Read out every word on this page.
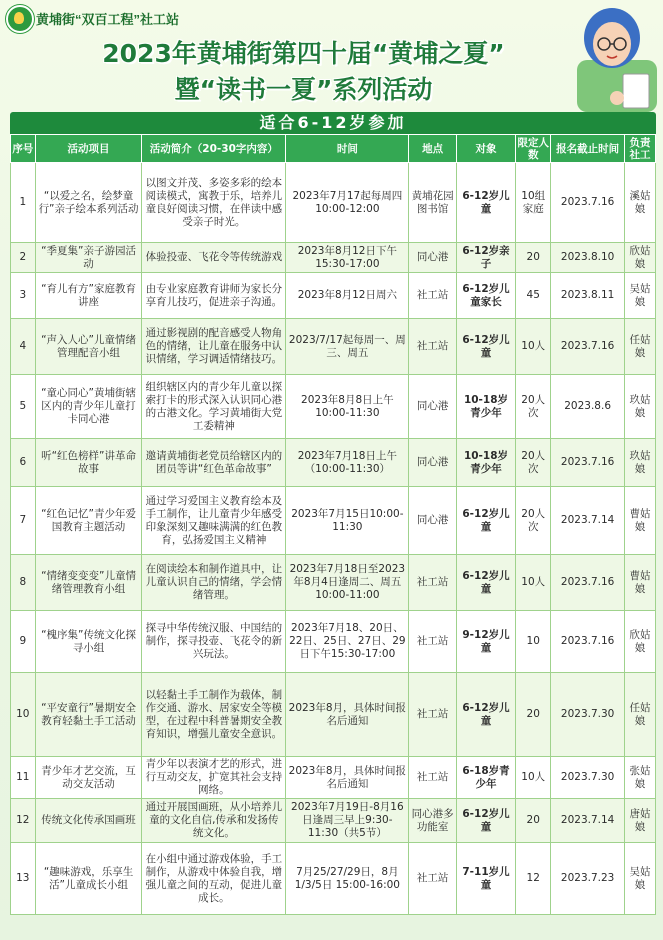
黄埔街“双百工程”社工站
2023年黄埔街第四十届“黄埔之夏”
暨“读书一夏”系列活动
适合6-12岁参加
序号	活动项目	活动简介（20-30字内容）	时间	地点	对象	限定人数	报名截止时间	负责社工
1	“以爱之名，绘梦童行”亲子绘本系列活动	以图文并茂、多姿多彩的绘本阅读模式，寓教于乐，培养儿童良好阅读习惯，在伴读中感受亲子时光。	2023年7月17起每周四10:00-12:00	黄埔花园图书馆	6-12岁儿童	10组家庭	2023.7.16	溪姑娘
2	“季夏集”亲子游园活动	体验投壶、飞花令等传统游戏	2023年8月12日下午15:30-17:00	同心港	6-12岁亲子	20	2023.8.10	欣姑娘
3	“育儿有方”家庭教育讲座	由专业家庭教育讲师为家长分享育儿技巧，促进亲子沟通。	2023年8月12日周六	社工站	6-12岁儿童家长	45	2023.8.11	吴姑娘
4	“声入人心”儿童情绪管理配音小组	通过影视剧的配音感受人物角色的情绪，让儿童在服务中认识情绪，学习调适情绪技巧。	2023/7/17起每周一、周三、周五	社工站	6-12岁儿童	10人	2023.7.16	任姑娘
5	“童心同心”黄埔街辖区内的青少年儿童打卡同心港	组织辖区内的青少年儿童以探索打卡的形式深入认识同心港的古港文化。学习黄埔街大党工委精神	2023年8月8日上午10:00-11:30	同心港	10-18岁青少年	20人次	2023.8.6	玖姑娘
6	听“红色榜样”讲革命故事	邀请黄埔街老党员给辖区内的团员等讲“红色革命故事”	2023年7月18日上午（10:00-11:30）	同心港	10-18岁青少年	20人次	2023.7.16	玖姑娘
7	“红色记忆”青少年爱国教育主题活动	通过学习爱国主义教育绘本及手工制作，让儿童青少年感受印象深刻又趣味满满的红色教育，弘扬爱国主义精神	2023年7月15日10:00-11:30	同心港	6-12岁儿童	20人次	2023.7.14	曹姑娘
8	“情绪变变变”儿童情绪管理教育小组	在阅读绘本和制作道具中，让儿童认识自己的情绪，学会情绪管理。	2023年7月18日至2023年8月4日逢周二、周五10:00-11:00	社工站	6-12岁儿童	10人	2023.7.16	曹姑娘
9	“槐序集”传统文化探寻小组	探寻中华传统汉服、中国结的制作，探寻投壶、飞花令的新兴玩法。	2023年7月18、20日、22日、25日、27日、29日下午15:30-17:00	社工站	9-12岁儿童	10	2023.7.16	欣姑娘
10	“平安童行”暑期安全教育轻黏土手工活动	以轻黏土手工制作为载体，制作交通、游水、居家安全等模型，在过程中科普暑期安全教育知识，增强儿童安全意识。	2023年8月，具体时间报名后通知	社工站	6-12岁儿童	20	2023.7.30	任姑娘
11	青少年才艺交流，互动交友活动	青少年以表演才艺的形式，进行互动交友，扩宽其社会支持网络。	2023年8月，具体时间报名后通知	社工站	6-18岁青少年	10人	2023.7.30	张姑娘
12	传统文化传承国画班	通过开展国画班，从小培养儿童的文化自信,传承和发扬传统文化。	2023年7月19日-8月16日逢周三早上9:30-11:30（共5节）	同心港多功能室	6-12岁儿童	20	2023.7.14	唐姑娘
13	“趣味游戏，乐享生活”儿童成长小组	在小组中通过游戏体验，手工制作，从游戏中体验自我，增强儿童之间的互动，促进儿童成长。	7月25/27/29日，8月1/3/5日 15:00-16:00	社工站	7-11岁儿童	12	2023.7.23	吴姑娘
